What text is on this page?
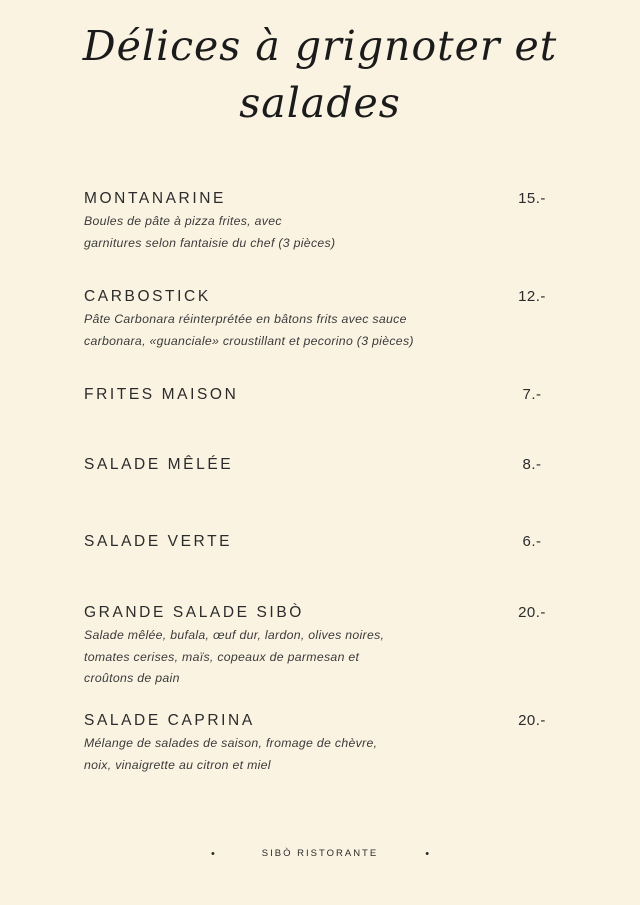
Délices à grignoter et
salades
MONTANARINE	15.-
Boules de pâte à pizza frites, avec
garnitures selon fantaisie du chef (3 pièces)
CARBOSTICK	12.-
Pâte Carbonara réinterprétée en bâtons frits avec sauce
carbonara, «guanciale» croustillant et pecorino (3 pièces)
FRITES MAISON	7.-
SALADE MÊLÉE	8.-
SALADE VERTE	6.-
GRANDE SALADE SIBÒ	20.-
Salade mêlée, bufala, œuf dur, lardon, olives noires,
tomates cerises, maïs, copeaux de parmesan et
croûtons de pain
SALADE CAPRINA	20.-
Mélange de salades de saison, fromage de chèvre,
noix, vinaigrette au citron et miel
•	SIBÒ RISTORANTE	•
